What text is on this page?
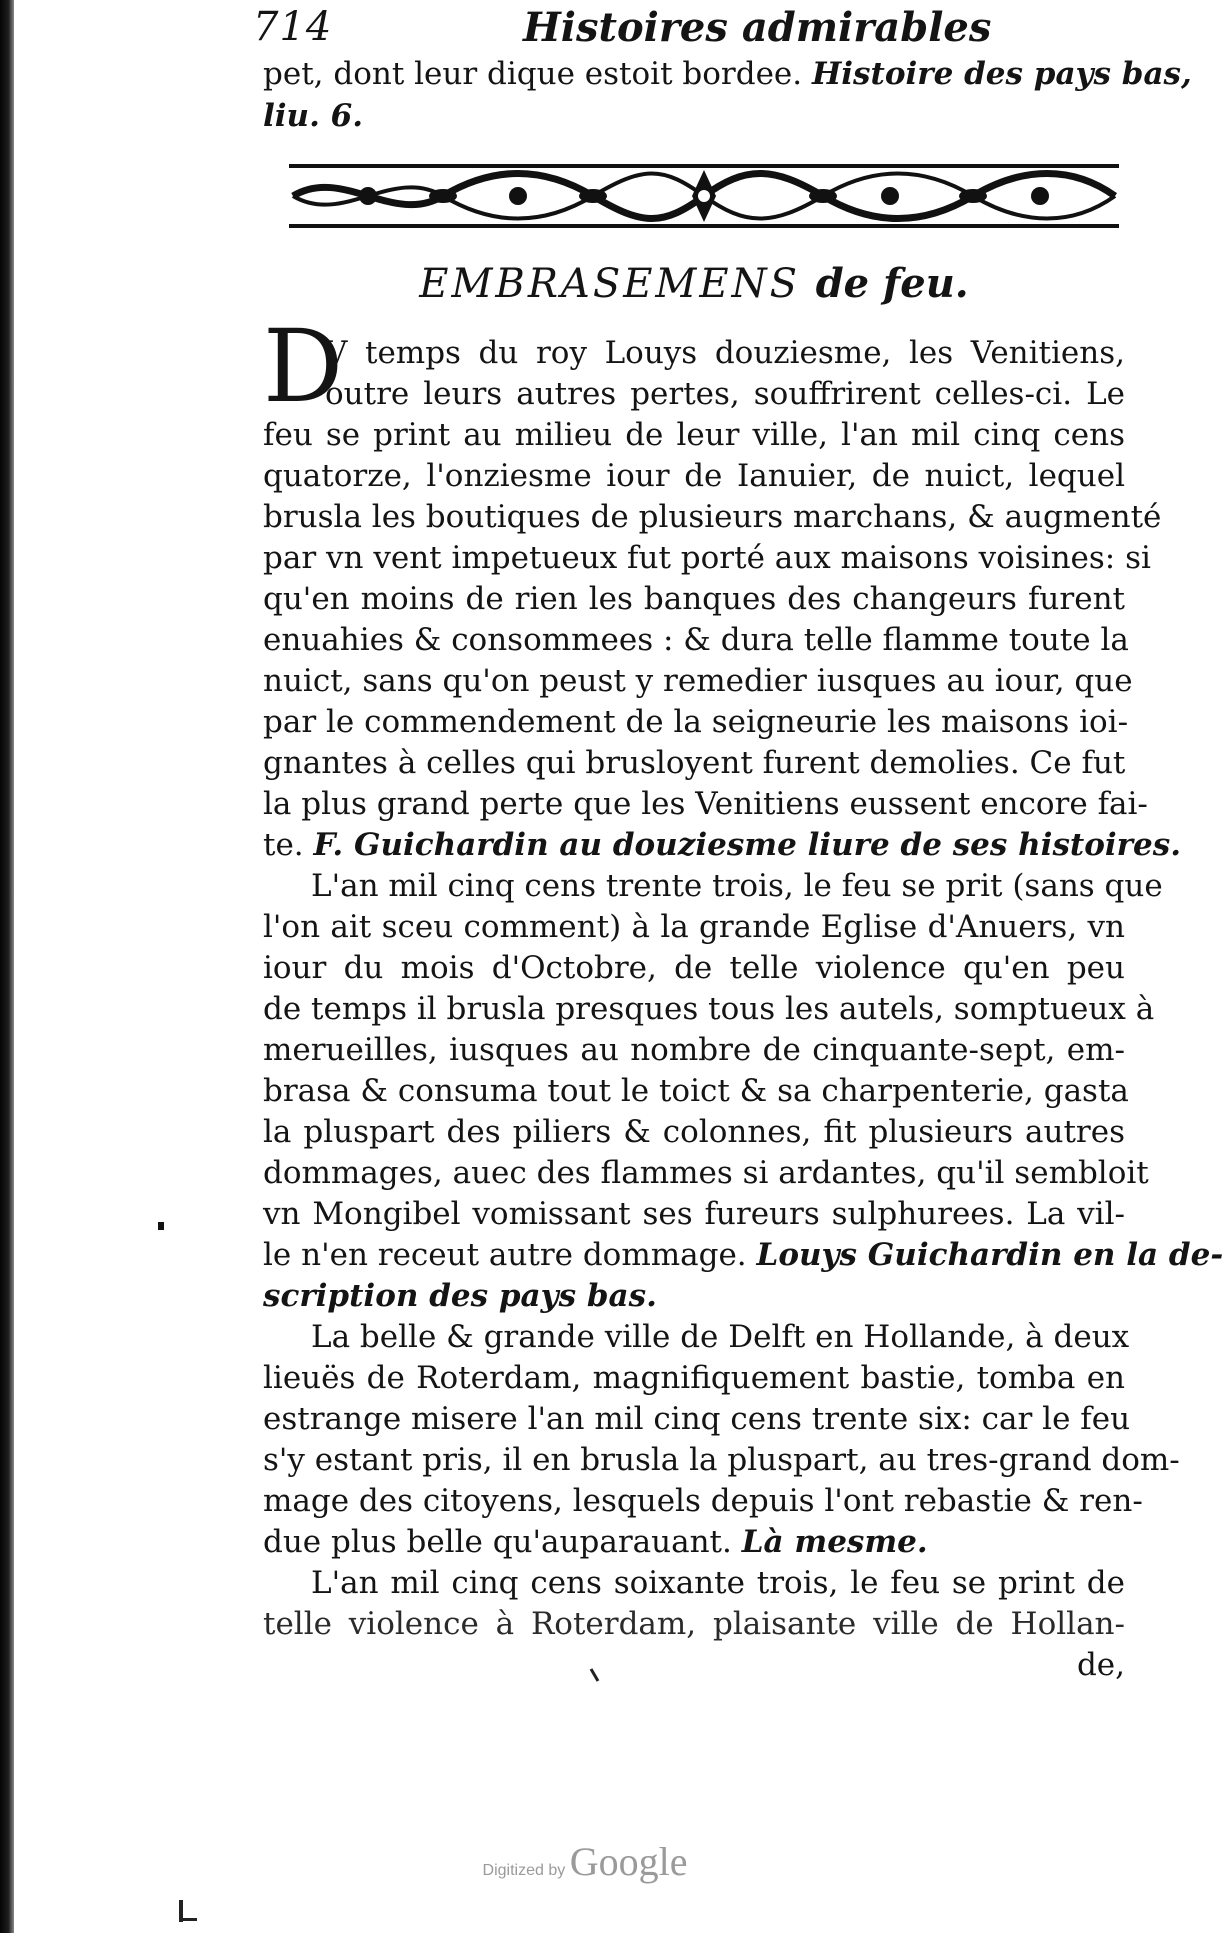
714	Histoires admirables
pet, dont leur dique estoit bordee. Histoire des pays bas,
liu. 6.
EMBRASEMENS de feu.
D
V temps du roy Louys douziesme, les Venitiens,
outre leurs autres pertes, souffrirent celles-ci. Le
feu se print au milieu de leur ville, l'an mil cinq cens
quatorze, l'onziesme iour de Ianuier, de nuict, lequel
brusla les boutiques de plusieurs marchans, & augmenté
par vn vent impetueux fut porté aux maisons voisines: si
qu'en moins de rien les banques des changeurs furent
enuahies & consommees : & dura telle flamme toute la
nuict, sans qu'on peust y remedier iusques au iour, que
par le commendement de la seigneurie les maisons ioi-
gnantes à celles qui brusloyent furent demolies. Ce fut
la plus grand perte que les Venitiens eussent encore fai-
te. F. Guichardin au douziesme liure de ses histoires.
L'an mil cinq cens trente trois, le feu se prit (sans que
l'on ait sceu comment) à la grande Eglise d'Anuers, vn
iour du mois d'Octobre, de telle violence qu'en peu
de temps il brusla presques tous les autels, somptueux à
merueilles, iusques au nombre de cinquante-sept, em-
brasa & consuma tout le toict & sa charpenterie, gasta
la pluspart des piliers & colonnes, fit plusieurs autres
dommages, auec des flammes si ardantes, qu'il sembloit
vn Mongibel vomissant ses fureurs sulphurees. La vil-
le n'en receut autre dommage. Louys Guichardin en la de-
scription des pays bas.
La belle & grande ville de Delft en Hollande, à deux
lieuës de Roterdam, magnifiquement bastie, tomba en
estrange misere l'an mil cinq cens trente six: car le feu
s'y estant pris, il en brusla la pluspart, au tres-grand dom-
mage des citoyens, lesquels depuis l'ont rebastie & ren-
due plus belle qu'auparauant. Là mesme.
L'an mil cinq cens soixante trois, le feu se print de
telle violence à Roterdam, plaisante ville de Hollan-
de,
Digitized by Google
